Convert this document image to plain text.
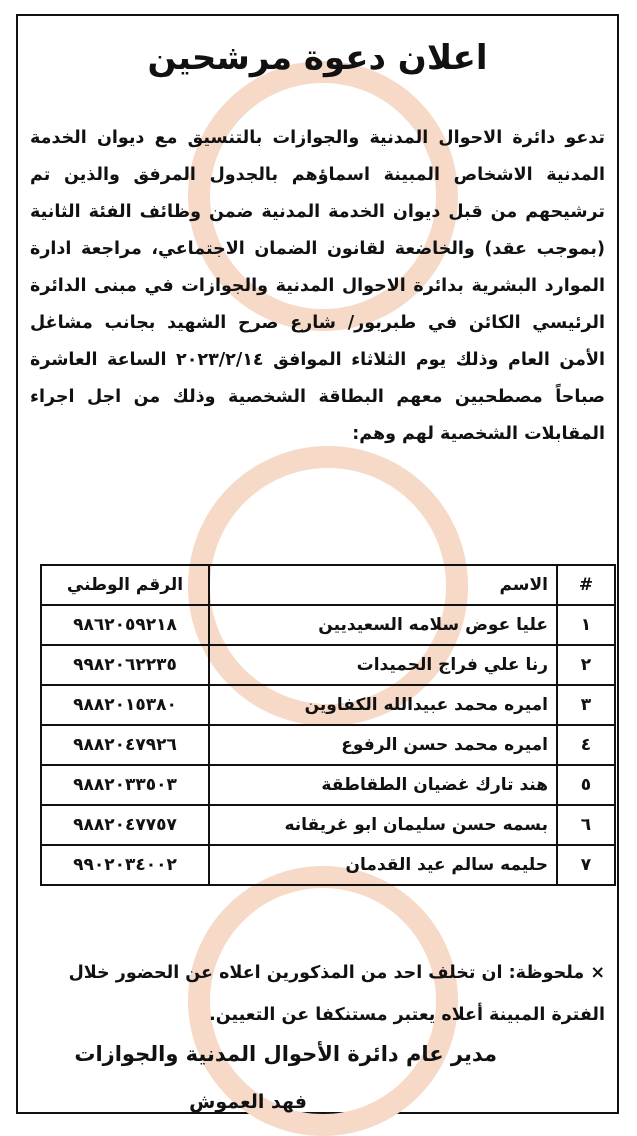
اعلان دعوة مرشحين

تدعو دائرة الاحوال المدنية والجوازات بالتنسيق مع ديوان الخدمة المدنية الاشخاص المبينة اسماؤهم بالجدول المرفق والذين تم ترشيحهم من قبل ديوان الخدمة المدنية ضمن وظائف الفئة الثانية (بموجب عقد) والخاضعة لقانون الضمان الاجتماعي، مراجعة ادارة الموارد البشرية بدائرة الاحوال المدنية والجوازات في مبنى الدائرة الرئيسي الكائن في طبربور/ شارع صرح الشهيد بجانب مشاغل الأمن العام وذلك يوم الثلاثاء الموافق ٢٠٢٣/٢/١٤ الساعة العاشرة صباحاً مصطحبين معهم البطاقة الشخصية وذلك من اجل اجراء المقابلات الشخصية لهم وهم:

#	الاسم	الرقم الوطني
١	عليا عوض سلامه السعيديين	٩٨٦٢٠٥٩٢١٨
٢	رنا علي فراج الحميدات	٩٩٨٢٠٦٢٢٣٥
٣	اميره محمد عبيدالله الكفاوين	٩٨٨٢٠١٥٣٨٠
٤	اميره محمد حسن الرفوع	٩٨٨٢٠٤٧٩٢٦
٥	هند تارك غضيان الطقاطقة	٩٨٨٢٠٣٣٥٠٣
٦	بسمه حسن سليمان ابو غريقانه	٩٨٨٢٠٤٧٧٥٧
٧	حليمه سالم عيد القدمان	٩٩٠٢٠٣٤٠٠٢

× ملحوظة: ان تخلف احد من المذكورين اعلاه عن الحضور خلال الفترة المبينة أعلاه يعتبر مستنكفا عن التعيين.

مدير عام دائرة الأحوال المدنية والجوازات
فهد العموش
